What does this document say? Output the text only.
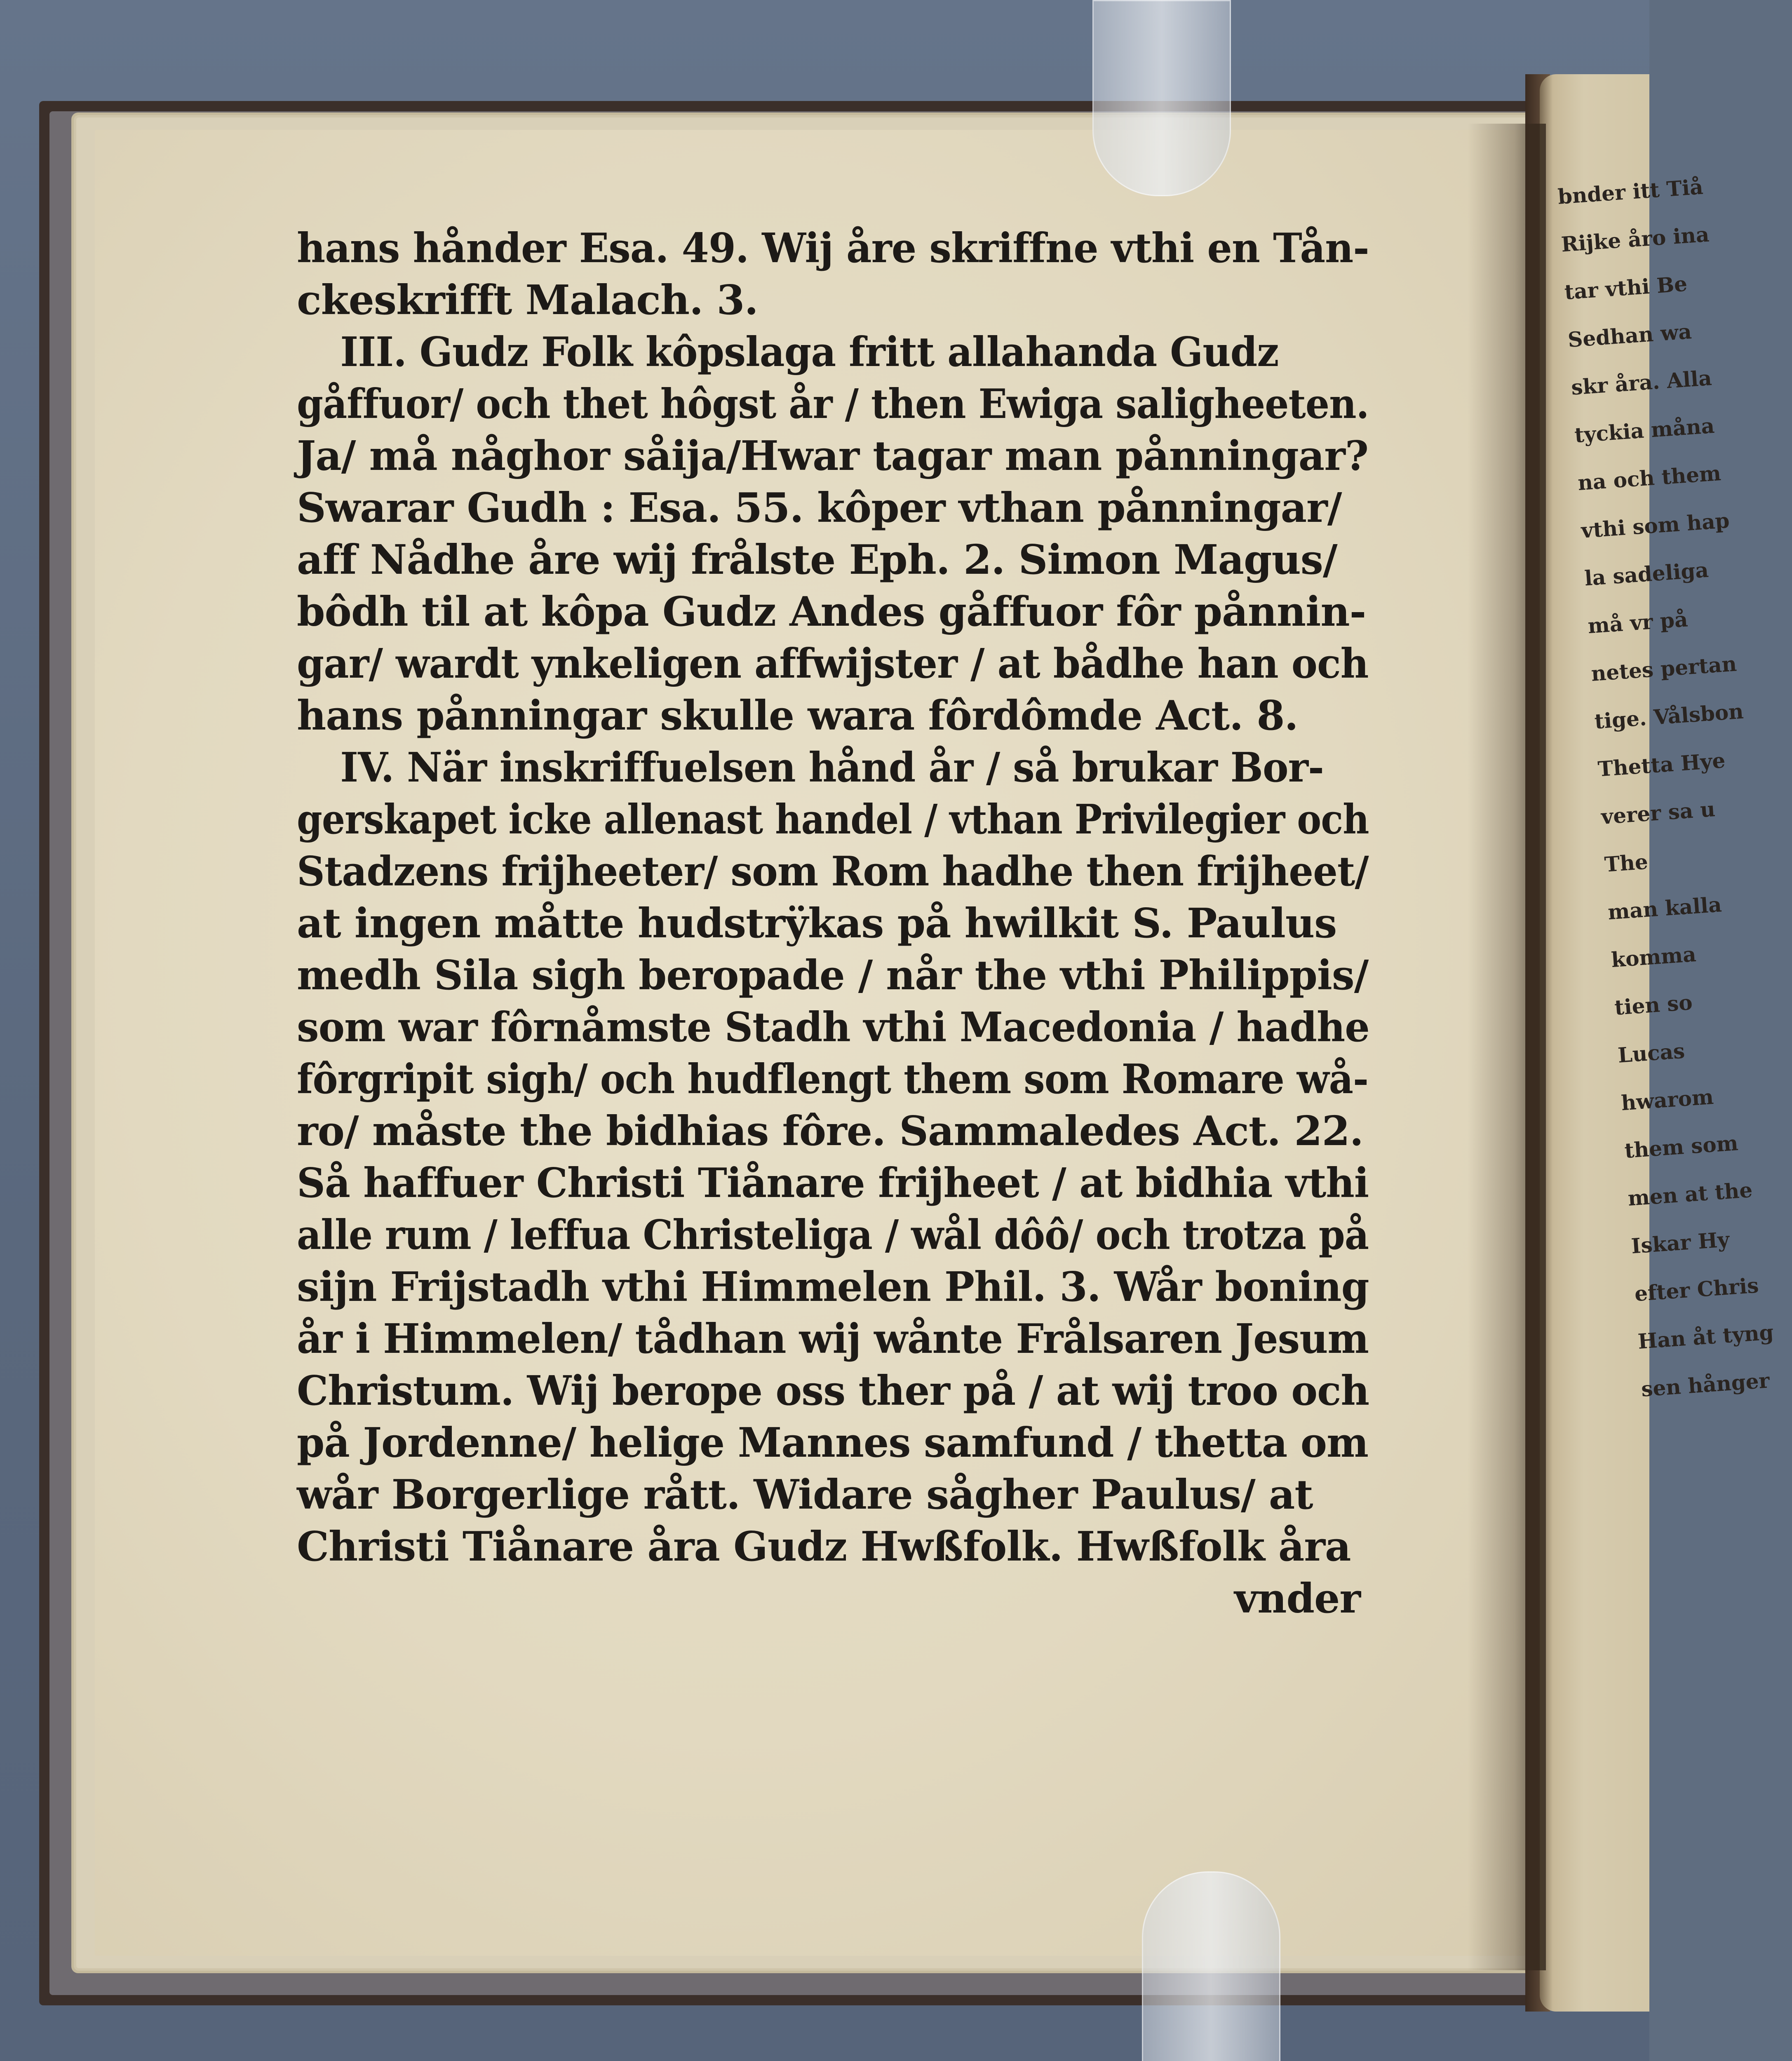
hans hånder Esa. 49. Wij åre skriffne vthi en Tån-
ckeskrifft Malach. 3.
III. Gudz Folk kôpslaga fritt allahanda Gudz
gåffuor/ och thet hôgst år / then Ewiga saligheeten.
Ja/ må någhor såija/Hwar tagar man pånningar?
Swarar Gudh : Esa. 55. kôper vthan pånningar/
aff Nådhe åre wij frålste Eph. 2. Simon Magus/
bôdh til at kôpa Gudz Andes gåffuor fôr pånnin-
gar/ wardt ynkeligen affwijster / at bådhe han och
hans pånningar skulle wara fôrdômde Act. 8.
IV. När inskriffuelsen hånd år / så brukar Bor-
gerskapet icke allenast handel / vthan Privilegier och
Stadzens frijheeter/ som Rom hadhe then frijheet/
at ingen måtte hudstrÿkas på hwilkit S. Paulus
medh Sila sigh beropade / når the vthi Philippis/
som war fôrnåmste Stadh vthi Macedonia / hadhe
fôrgripit sigh/ och hudflengt them som Romare wå-
ro/ måste the bidhias fôre. Sammaledes Act. 22.
Så haffuer Christi Tiånare frijheet / at bidhia vthi
alle rum / leffua Christeliga / wål dôô/ och trotza på
sijn Frijstadh vthi Himmelen Phil. 3. Wår boning
år i Himmelen/ tådhan wij wånte Frålsaren Jesum
Christum. Wij berope oss ther på / at wij troo och
på Jordenne/ helige Mannes samfund / thetta om
wår Borgerlige rått. Widare sågher Paulus/ at
Christi Tiånare åra Gudz Hwßfolk. Hwßfolk åra
vnder
bnder itt Tiå
Rijke åro ina
tar vthi Be
Sedhan wa
skr åra. Alla
tyckia måna
na och them
vthi som hap
la sadeliga
må vr på
netes pertan
tige. Vålsbon
Thetta Hye
verer sa u
The
man kalla
komma
tien so
Lucas
hwarom
them som
men at the
Iskar Hy
efter Chris
Han åt tyng
sen hånger
